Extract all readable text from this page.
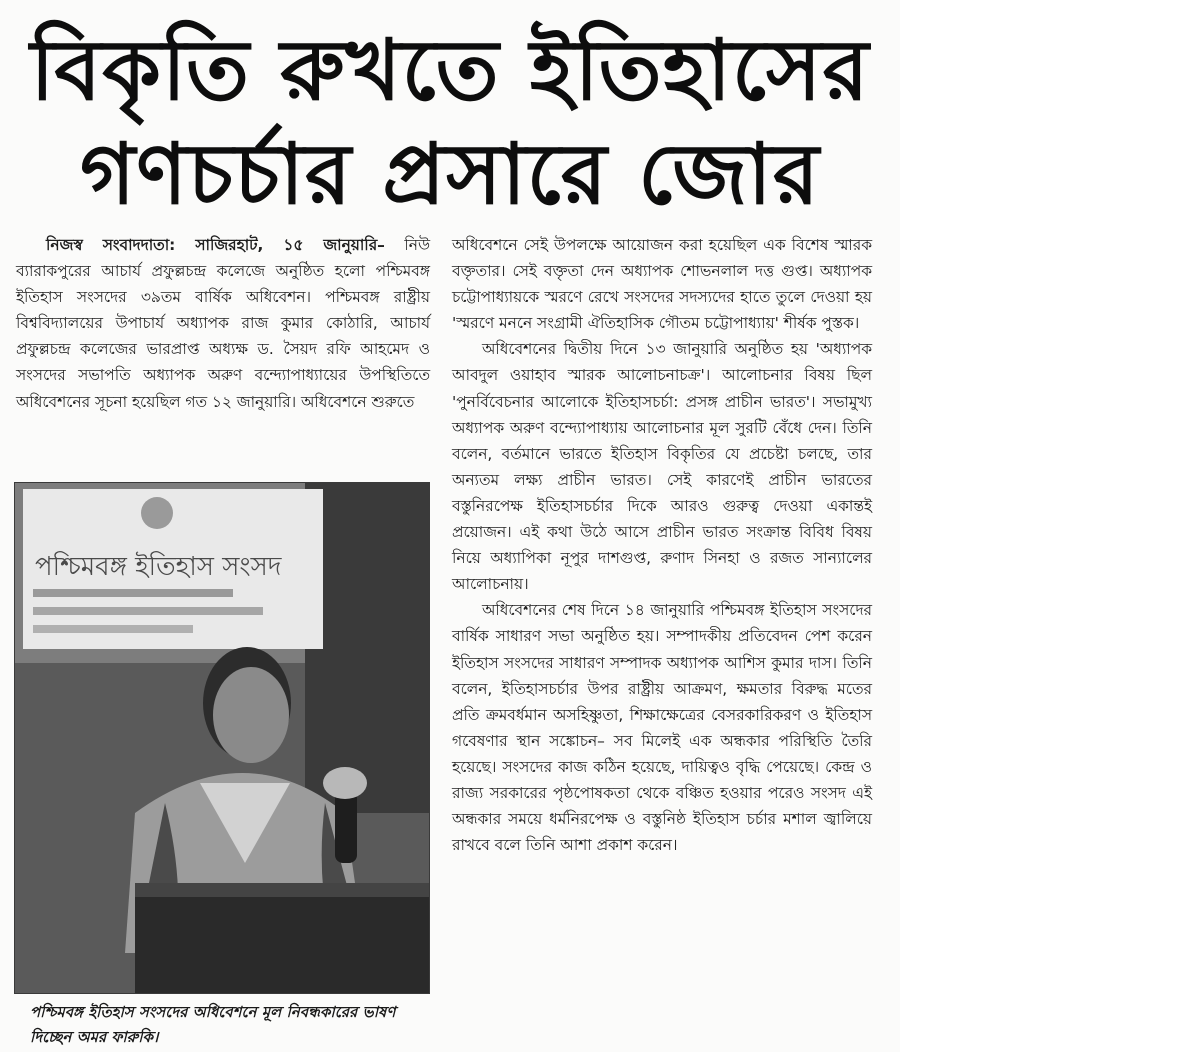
বিকৃতি রুখতে ইতিহাসের
গণচর্চার প্রসারে জোর

নিজস্ব সংবাদদাতা: সাজিরহাট, ১৫ জানুয়ারি– নিউ ব্যারাকপুরের আচার্য প্রফুল্লচন্দ্র কলেজে অনুষ্ঠিত হলো পশ্চিমবঙ্গ ইতিহাস সংসদের ৩৯তম বার্ষিক অধিবেশন। পশ্চিমবঙ্গ রাষ্ট্রীয় বিশ্ববিদ্যালয়ের উপাচার্য অধ্যাপক রাজ কুমার কোঠারি, আচার্য প্রফুল্লচন্দ্র কলেজের ভারপ্রাপ্ত অধ্যক্ষ ড. সৈয়দ রফি আহমেদ ও সংসদের সভাপতি অধ্যাপক অরুণ বন্দ্যোপাধ্যায়ের উপস্থিতিতে অধিবেশনের সূচনা হয়েছিল গত ১২ জানুয়ারি। অধিবেশনে শুরুতে

পশ্চিমবঙ্গ ইতিহাস সংসদ
পশ্চিমবঙ্গ ইতিহাস সংসদের অধিবেশনে মূল নিবন্ধকারের ভাষণ দিচ্ছেন অমর ফারুকি।

অধিবেশনে সেই উপলক্ষে আয়োজন করা হয়েছিল এক বিশেষ স্মারক বক্তৃতার। সেই বক্তৃতা দেন অধ্যাপক শোভনলাল দত্ত গুপ্ত। অধ্যাপক চট্টোপাধ্যায়কে স্মরণে রেখে সংসদের সদস্যদের হাতে তুলে দেওয়া হয় 'স্মরণে মননে সংগ্রামী ঐতিহাসিক গৌতম চট্টোপাধ্যায়' শীর্ষক পুস্তক।

অধিবেশনের দ্বিতীয় দিনে ১৩ জানুয়ারি অনুষ্ঠিত হয় 'অধ্যাপক আবদুল ওয়াহাব স্মারক আলোচনাচক্র'। আলোচনার বিষয় ছিল 'পুনর্বিবেচনার আলোকে ইতিহাসচর্চা: প্রসঙ্গ প্রাচীন ভারত'। সভামুখ্য অধ্যাপক অরুণ বন্দ্যোপাধ্যায় আলোচনার মূল সুরটি বেঁধে দেন। তিনি বলেন, বর্তমানে ভারতে ইতিহাস বিকৃতির যে প্রচেষ্টা চলছে, তার অন্যতম লক্ষ্য প্রাচীন ভারত। সেই কারণেই প্রাচীন ভারতের বস্তুনিরপেক্ষ ইতিহাসচর্চার দিকে আরও গুরুত্ব দেওয়া একান্তই প্রয়োজন। এই কথা উঠে আসে প্রাচীন ভারত সংক্রান্ত বিবিধ বিষয় নিয়ে অধ্যাপিকা নূপুর দাশগুপ্ত, রুণাদ সিনহা ও রজত সান্যালের আলোচনায়।

অধিবেশনের শেষ দিনে ১৪ জানুয়ারি পশ্চিমবঙ্গ ইতিহাস সংসদের বার্ষিক সাধারণ সভা অনুষ্ঠিত হয়। সম্পাদকীয় প্রতিবেদন পেশ করেন ইতিহাস সংসদের সাধারণ সম্পাদক অধ্যাপক আশিস কুমার দাস। তিনি বলেন, ইতিহাসচর্চার উপর রাষ্ট্রীয় আক্রমণ, ক্ষমতার বিরুদ্ধ মতের প্রতি ক্রমবর্ধমান অসহিষ্ণুতা, শিক্ষাক্ষেত্রের বেসরকারিকরণ ও ইতিহাস গবেষণার স্থান সঙ্কোচন– সব মিলেই এক অন্ধকার পরিস্থিতি তৈরি হয়েছে। সংসদের কাজ কঠিন হয়েছে, দায়িত্বও বৃদ্ধি পেয়েছে। কেন্দ্র ও রাজ্য সরকারের পৃষ্ঠপোষকতা থেকে বঞ্চিত হওয়ার পরেও সংসদ এই অন্ধকার সময়ে ধর্মনিরপেক্ষ ও বস্তুনিষ্ঠ ইতিহাস চর্চার মশাল জ্বালিয়ে রাখবে বলে তিনি আশা প্রকাশ করেন।
